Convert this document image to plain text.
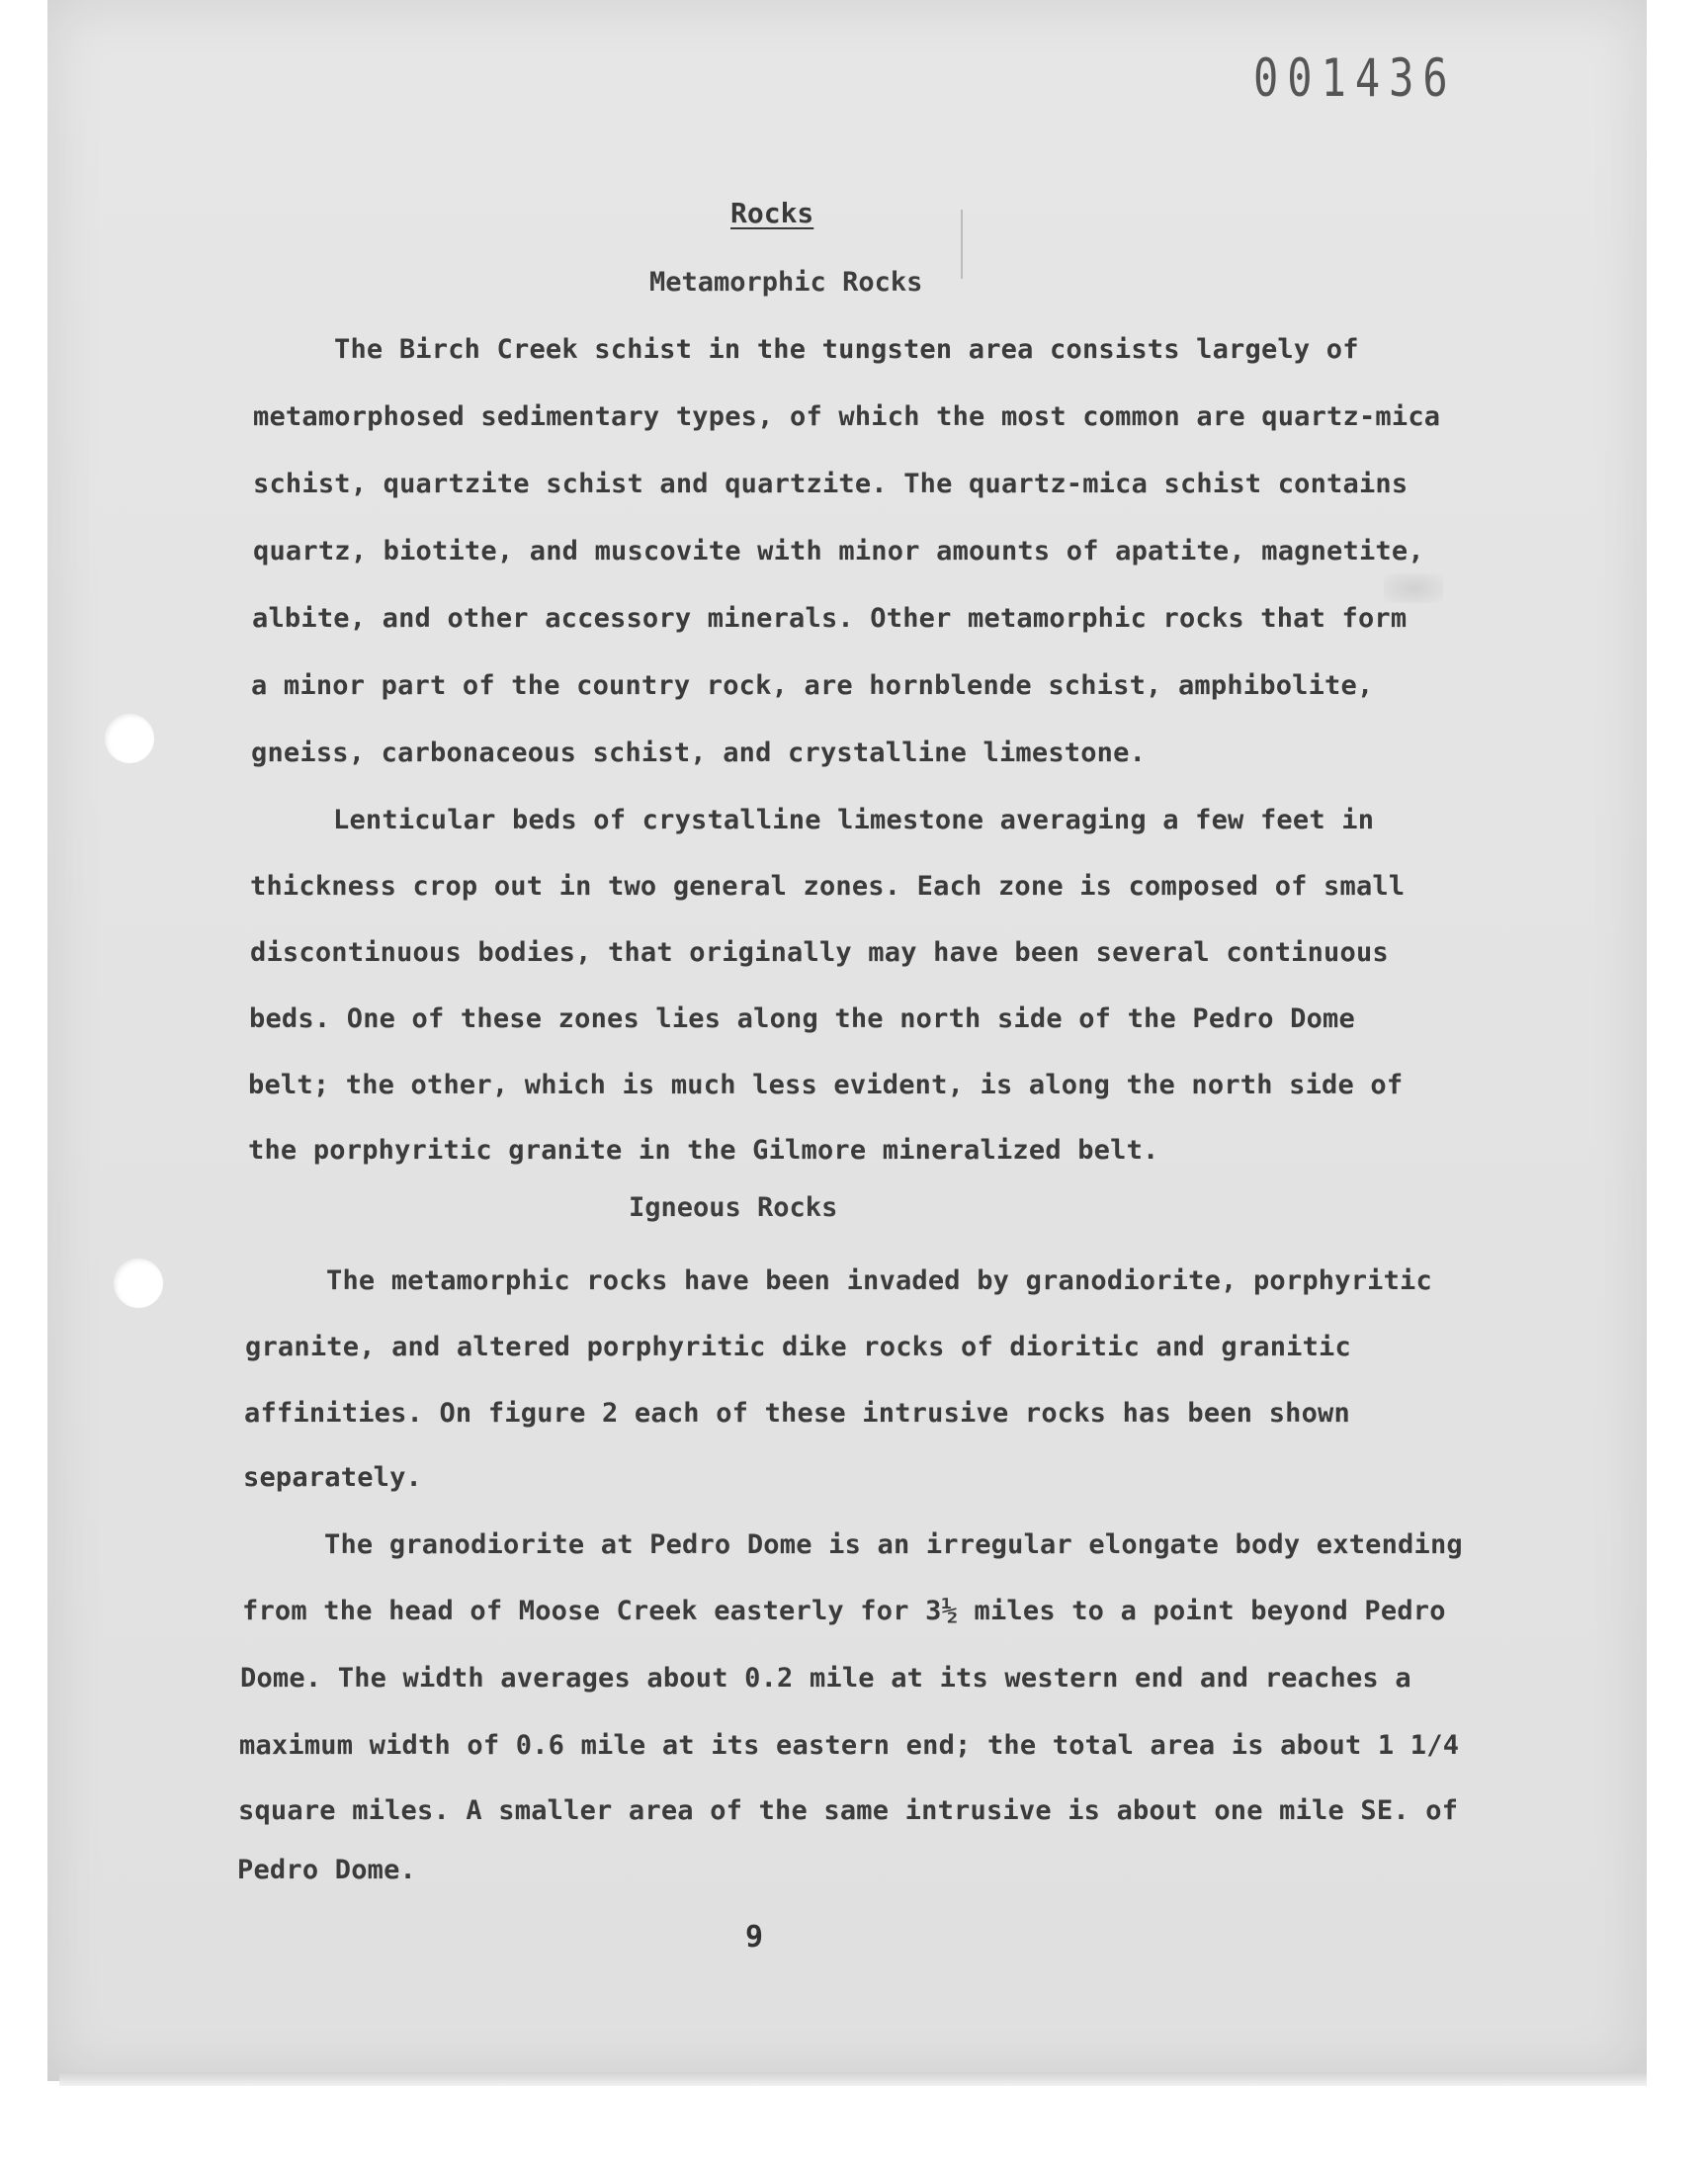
001436
Rocks
Metamorphic Rocks
The Birch Creek schist in the tungsten area consists largely of
metamorphosed sedimentary types, of which the most common are quartz-mica
schist, quartzite schist and quartzite. The quartz-mica schist contains
quartz, biotite, and muscovite with minor amounts of apatite, magnetite,
albite, and other accessory minerals. Other metamorphic rocks that form
a minor part of the country rock, are hornblende schist, amphibolite,
gneiss, carbonaceous schist, and crystalline limestone.
Lenticular beds of crystalline limestone averaging a few feet in
thickness crop out in two general zones. Each zone is composed of small
discontinuous bodies, that originally may have been several continuous
beds. One of these zones lies along the north side of the Pedro Dome
belt; the other, which is much less evident, is along the north side of
the porphyritic granite in the Gilmore mineralized belt.
Igneous Rocks
The metamorphic rocks have been invaded by granodiorite, porphyritic
granite, and altered porphyritic dike rocks of dioritic and granitic
affinities. On figure 2 each of these intrusive rocks has been shown
separately.
The granodiorite at Pedro Dome is an irregular elongate body extending
from the head of Moose Creek easterly for 3½ miles to a point beyond Pedro
Dome. The width averages about 0.2 mile at its western end and reaches a
maximum width of 0.6 mile at its eastern end; the total area is about 1 1/4
square miles. A smaller area of the same intrusive is about one mile SE. of
Pedro Dome.
9
